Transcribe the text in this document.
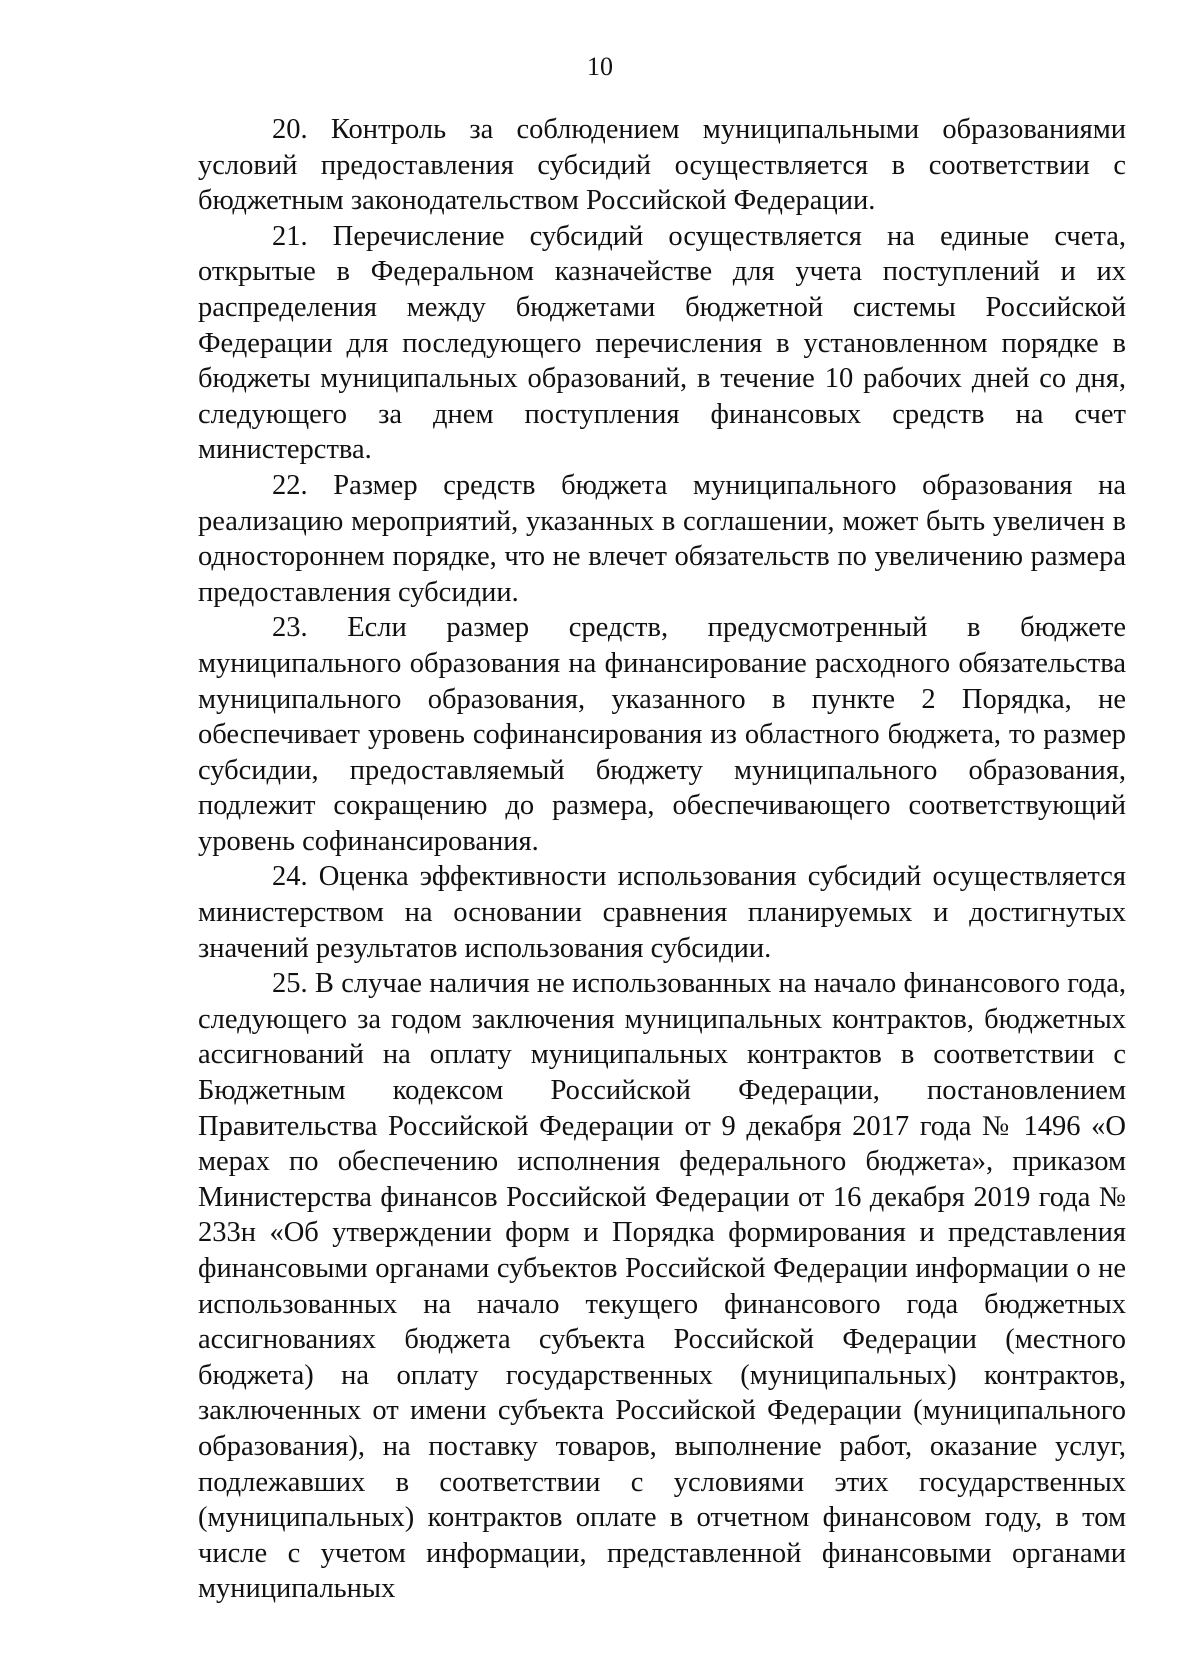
10

20. Контроль за соблюдением муниципальными образованиями условий предоставления субсидий осуществляется в соответствии с бюджетным законодательством Российской Федерации.

21. Перечисление субсидий осуществляется на единые счета, открытые в Федеральном казначействе для учета поступлений и их распределения между бюджетами бюджетной системы Российской Федерации для последующего перечисления в установленном порядке в бюджеты муниципальных образований, в течение 10 рабочих дней со дня, следующего за днем поступления финансовых средств на счет министерства.

22. Размер средств бюджета муниципального образования на реализацию мероприятий, указанных в соглашении, может быть увеличен в одностороннем порядке, что не влечет обязательств по увеличению размера предоставления субсидии.

23. Если размер средств, предусмотренный в бюджете муниципального образования на финансирование расходного обязательства муниципального образования, указанного в пункте 2 Порядка, не обеспечивает уровень софинансирования из областного бюджета, то размер субсидии, предоставляемый бюджету муниципального образования, подлежит сокращению до размера, обеспечивающего соответствующий уровень софинансирования.

24. Оценка эффективности использования субсидий осуществляется министерством на основании сравнения планируемых и достигнутых значений результатов использования субсидии.

25. В случае наличия не использованных на начало финансового года, следующего за годом заключения муниципальных контрактов, бюджетных ассигнований на оплату муниципальных контрактов в соответствии с Бюджетным кодексом Российской Федерации, постановлением Правительства Российской Федерации от 9 декабря 2017 года № 1496 «О мерах по обеспечению исполнения федерального бюджета», приказом Министерства финансов Российской Федерации от 16 декабря 2019 года № 233н «Об утверждении форм и Порядка формирования и представления финансовыми органами субъектов Российской Федерации информации о не использованных на начало текущего финансового года бюджетных ассигнованиях бюджета субъекта Российской Федерации (местного бюджета) на оплату государственных (муниципальных) контрактов, заключенных от имени субъекта Российской Федерации (муниципального образования), на поставку товаров, выполнение работ, оказание услуг, подлежавших в соответствии с условиями этих государственных (муниципальных) контрактов оплате в отчетном финансовом году, в том числе с учетом информации, представленной финансовыми органами муниципальных
